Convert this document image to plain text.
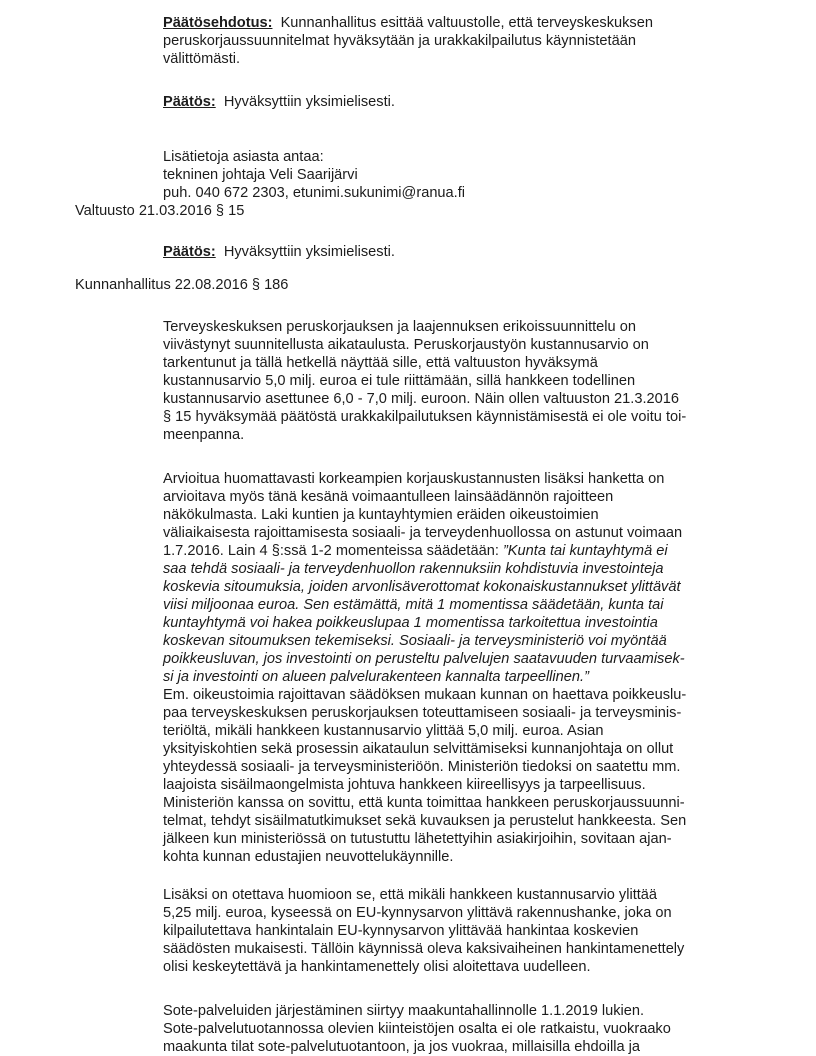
Päätösehdotus:  Kunnanhallitus esittää valtuustolle, että terveyskeskuksen
peruskorjaussuunnitelmat hyväksytään ja urakkakilpailutus käynnistetään
välittömästi.
Päätös:  Hyväksyttiin yksimielisesti.
Lisätietoja asiasta antaa:
tekninen johtaja Veli Saarijärvi
puh. 040 672 2303, etunimi.sukunimi@ranua.fi
Valtuusto 21.03.2016 § 15
Päätös:  Hyväksyttiin yksimielisesti.
Kunnanhallitus 22.08.2016 § 186
Terveyskeskuksen peruskorjauksen ja laajennuksen erikoissuunnittelu on
viivästynyt suunnitellusta aikataulusta. Peruskorjaustyön kustannusarvio on
tarkentunut ja tällä hetkellä näyttää sille, että valtuuston hyväksymä
kustannusarvio 5,0 milj. euroa ei tule riittämään, sillä hankkeen todellinen
kustannusarvio asettunee 6,0 - 7,0 milj. euroon. Näin ollen valtuuston 21.3.2016
§ 15 hyväksymää päätöstä urakkakilpailutuksen käynnistämisestä ei ole voitu toi-
meenpanna.
Arvioitua huomattavasti korkeampien korjauskustannusten lisäksi hanketta on
arvioitava myös tänä kesänä voimaantulleen lainsäädännön rajoitteen
näkökulmasta. Laki kuntien ja kuntayhtymien eräiden oikeustoimien
väliaikaisesta rajoittamisesta sosiaali- ja terveydenhuollossa on astunut voimaan
1.7.2016. Lain 4 §:ssä 1-2 momenteissa säädetään: ”Kunta tai kuntayhtymä ei
saa tehdä sosiaali- ja terveydenhuollon rakennuksiin kohdistuvia investointeja
koskevia sitoumuksia, joiden arvonlisäverottomat kokonaiskustannukset ylittävät
viisi miljoonaa euroa. Sen estämättä, mitä 1 momentissa säädetään, kunta tai
kuntayhtymä voi hakea poikkeuslupaa 1 momentissa tarkoitettua investointia
koskevan sitoumuksen tekemiseksi. Sosiaali- ja terveysministeriö voi myöntää
poikkeusluvan, jos investointi on perusteltu palvelujen saatavuuden turvaamisek-
si ja investointi on alueen palvelurakenteen kannalta tarpeellinen.”
Em. oikeustoimia rajoittavan säädöksen mukaan kunnan on haettava poikkeuslu-
paa terveyskeskuksen peruskorjauksen toteuttamiseen sosiaali- ja terveysminis-
teriöltä, mikäli hankkeen kustannusarvio ylittää 5,0 milj. euroa. Asian
yksityiskohtien sekä prosessin aikataulun selvittämiseksi kunnanjohtaja on ollut
yhteydessä sosiaali- ja terveysministeriöön. Ministeriön tiedoksi on saatettu mm.
laajoista sisäilmaongelmista johtuva hankkeen kiireellisyys ja tarpeellisuus.
Ministeriön kanssa on sovittu, että kunta toimittaa hankkeen peruskorjaussuunni-
telmat, tehdyt sisäilmatutkimukset sekä kuvauksen ja perustelut hankkeesta. Sen
jälkeen kun ministeriössä on tutustuttu lähetettyihin asiakirjoihin, sovitaan ajan-
kohta kunnan edustajien neuvottelukäynnille.
Lisäksi on otettava huomioon se, että mikäli hankkeen kustannusarvio ylittää
5,25 milj. euroa, kyseessä on EU-kynnysarvon ylittävä rakennushanke, joka on
kilpailutettava hankintalain EU-kynnysarvon ylittävää hankintaa koskevien
säädösten mukaisesti. Tällöin käynnissä oleva kaksivaiheinen hankintamenettely
olisi keskeytettävä ja hankintamenettely olisi aloitettava uudelleen.
Sote-palveluiden järjestäminen siirtyy maakuntahallinnolle 1.1.2019 lukien.
Sote-palvelutuotannossa olevien kiinteistöjen osalta ei ole ratkaistu, vuokraako
maakunta tilat sote-palvelutuotantoon, ja jos vuokraa, millaisilla ehdoilla ja
